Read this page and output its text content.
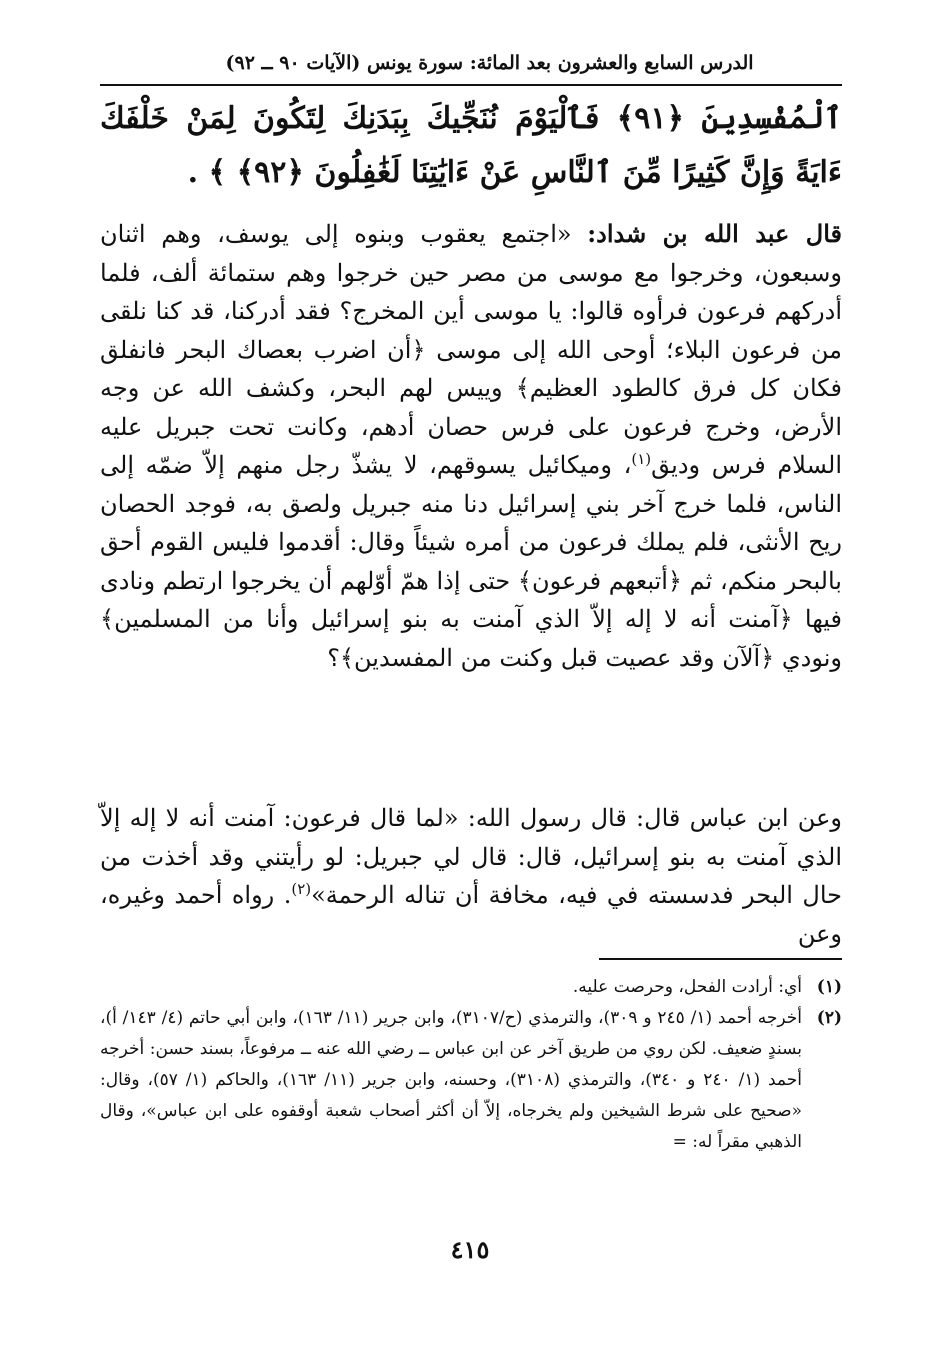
الدرس السابع والعشرون بعد المائة: سورة يونس (الآيات ٩٠ ــ ٩٢)
ٱلْمُفْسِدِينَ ﴿٩١﴾ فَٱلْيَوْمَ نُنَجِّيكَ بِبَدَنِكَ لِتَكُونَ لِمَنْ خَلْفَكَ ءَايَةً وَإِنَّ كَثِيرًا مِّنَ ٱلنَّاسِ عَنْ ءَايَٰتِنَا لَغَٰفِلُونَ ﴿٩٢﴾ ﴾ .
قال عبد الله بن شداد: «اجتمع يعقوب وبنوه إلى يوسف، وهم اثنان وسبعون، وخرجوا مع موسى من مصر حين خرجوا وهم ستمائة ألف، فلما أدركهم فرعون فرأوه قالوا: يا موسى أين المخرج؟ فقد أدركنا، قد كنا نلقى من فرعون البلاء؛ أوحى الله إلى موسى ﴿أن اضرب بعصاك البحر فانفلق فكان كل فرق كالطود العظيم﴾ وييس لهم البحر، وكشف الله عن وجه الأرض، وخرج فرعون على فرس حصان أدهم، وكانت تحت جبريل عليه السلام فرس وديق$^{(١)}$، وميكائيل يسوقهم، لا يشذّ رجل منهم إلاّ ضمّه إلى الناس، فلما خرج آخر بني إسرائيل دنا منه جبريل ولصق به، فوجد الحصان ريح الأنثى، فلم يملك فرعون من أمره شيئاً وقال: أقدموا فليس القوم أحق بالبحر منكم، ثم ﴿أتبعهم فرعون﴾ حتى إذا همّ أوّلهم أن يخرجوا ارتطم ونادى فيها ﴿آمنت أنه لا إله إلاّ الذي آمنت به بنو إسرائيل وأنا من المسلمين﴾ ونودي ﴿آلآن وقد عصيت قبل وكنت من المفسدين﴾؟
وعن ابن عباس قال: قال رسول الله: «لما قال فرعون: آمنت أنه لا إله إلاّ الذي آمنت به بنو إسرائيل، قال: قال لي جبريل: لو رأيتني وقد أخذت من حال البحر فدسسته في فيه، مخافة أن تناله الرحمة»$^{(٢)}$. رواه أحمد وغيره، وعن
(١)
أي: أرادت الفحل، وحرصت عليه.
(٢)
أخرجه أحمد (١/ ٢٤٥ و ٣٠٩)، والترمذي (ح/٣١٠٧)، وابن جرير (١١/ ١٦٣)، وابن أبي حاتم (٤/ ١٤٣/ أ)، بسندٍ ضعيف. لكن روي من طريق آخر عن ابن عباس ــ رضي الله عنه ــ مرفوعاً، بسند حسن: أخرجه أحمد (١/ ٢٤٠ و ٣٤٠)، والترمذي (٣١٠٨)، وحسنه، وابن جرير (١١/ ١٦٣)، والحاكم (١/ ٥٧)، وقال: «صحيح على شرط الشيخين ولم يخرجاه، إلاّ أن أكثر أصحاب شعبة أوقفوه على ابن عباس»، وقال الذهبي مقراً له: =
٤١٥
